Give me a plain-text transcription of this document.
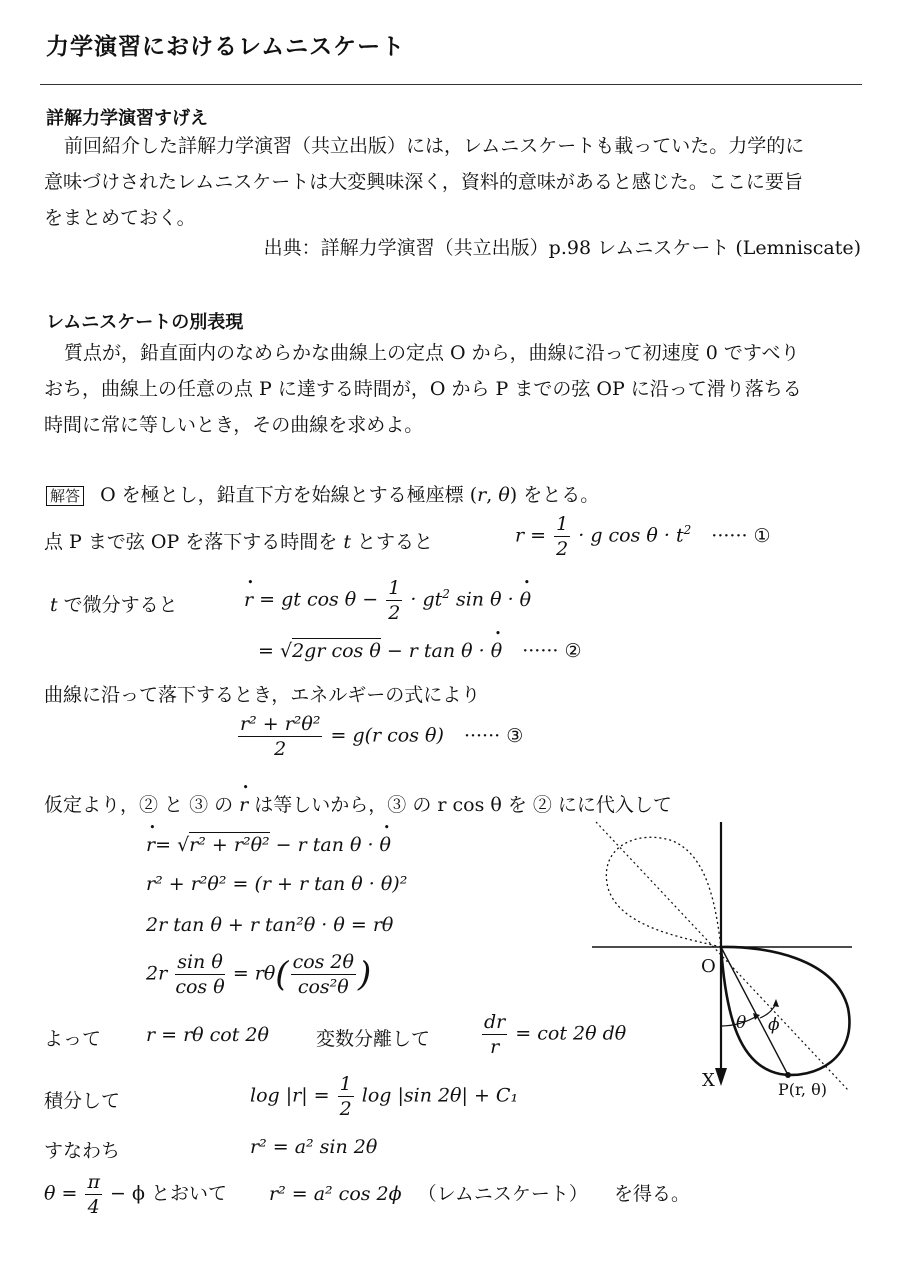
力学演習におけるレムニスケート
詳解力学演習すげえ
前回紹介した詳解力学演習（共立出版）には，レムニスケートも載っていた。力学的に
意味づけされたレムニスケートは大変興味深く，資料的意味があると感じた。ここに要旨
をまとめておく。
出典：詳解力学演習（共立出版）p.98 レムニスケート (Lemniscate)
レムニスケートの別表現
質点が，鉛直面内のなめらかな曲線上の定点 O から，曲線に沿って初速度 0 ですべり
おち，曲線上の任意の点 P に達する時間が，O から P までの弦 OP に沿って滑り落ちる
時間に常に等しいとき，その曲線を求めよ。
解答 O を極とし，鉛直下方を始線とする極座標 (r, θ) をとる。
点 P まで弦 OP を落下する時間を t とすると	$r = \frac{1}{2} \cdot g$ $\cos \theta \cdot t^2$ ······ ①
t で微分すると	• r = gt $\cos \theta - \frac{1}{2} \cdot gt^2$ sin θ · • θ
= √2gr cos θ − r tan θ · • θ ······ ②
曲線に沿って落下するとき，エネルギーの式により
$\frac{\text{r² + r²θ²}}{2} = g(r$ cos θ) ······ ③
仮定より，② と ③ の • r は等しいから，③ の r cos θ を ② にに代入して
• r= √r² + r²θ² − r tan θ · • θ
r² + r²θ² = (r + r tan θ · θ)²
2r tan θ + r tan²θ · θ = rθ
$2r \frac{\text{sin θ}}{\text{cos θ}} = r\theta( \frac{\cos 2\theta}{\text{cos²θ}}$ )
よって r = rθ cot 2θ 変数分離して	$\frac{dr}{r} = \cot 2\theta$ dθ
積分して	$\log |r| = \frac{1}{2}$ log |sin 2θ| + C₁
すなわち	r² = a² sin 2θ
$\theta = \frac{\pi}{4} - \phi$ とおいて r² = a² cos 2ϕ （レムニスケート） を得る。
O
X
θ ϕ
P(r, θ)
